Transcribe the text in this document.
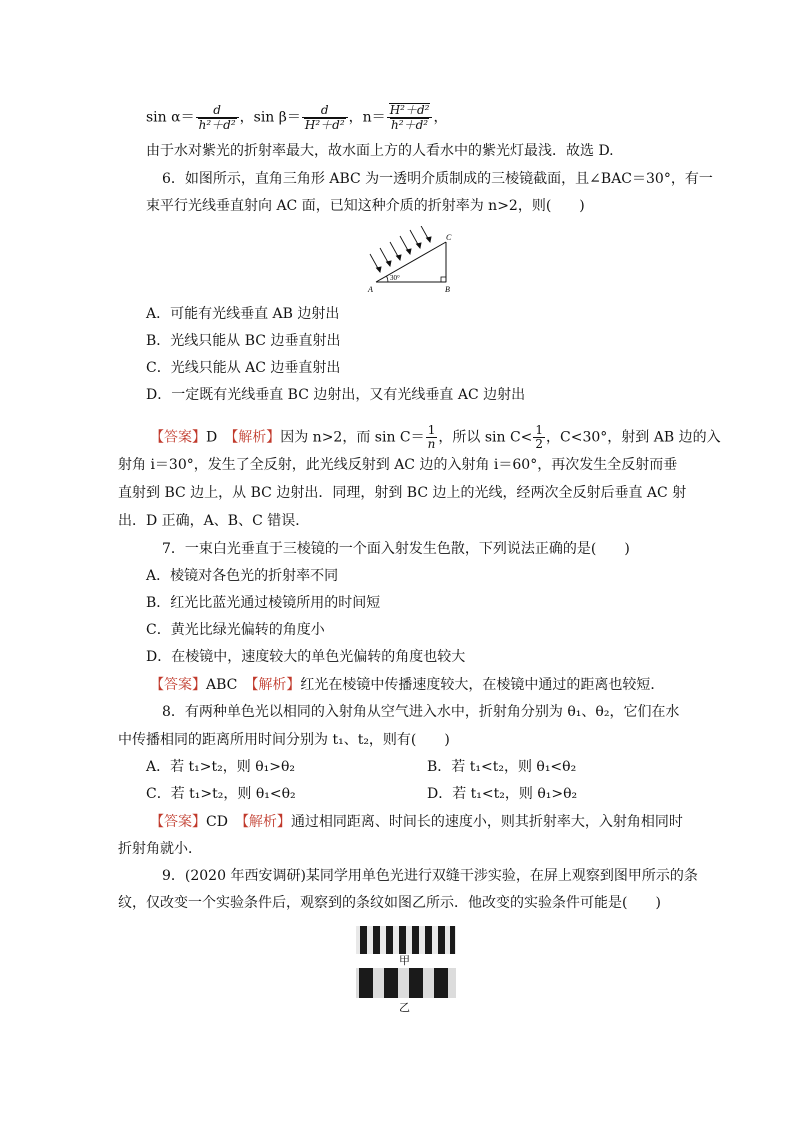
$\sin \alpha= \frac{d}{\text{h²＋d²}}$ ，$\sin \beta= \frac{d}{\text{H²＋d²}}$ ，$n= \frac{\text{H²＋d²}}{\text{h²＋d²}}$ ，
由于水对紫光的折射率最大，故水面上方的人看水中的紫光灯最浅．故选 D.
6．如图所示，直角三角形 ABC 为一透明介质制成的三棱镜截面，且∠BAC＝30°，有一
束平行光线垂直射向 AC 面，已知这种介质的折射率为 n>2，则(　　)
A	B
C
30°
A．可能有光线垂直 AB 边射出
B．光线只能从 BC 边垂直射出
C．光线只能从 AC 边垂直射出
D．一定既有光线垂直 BC 边射出，又有光线垂直 AC 边射出
【答案】D　 【解析】因为 n>2，而 $\sin C= \frac{1}{n}$ ，所以 $\sin C< \frac{1}{2}$ ，C<30°，射到 AB 边的入
射角 i＝30°，发生了全反射，此光线反射到 AC 边的入射角 i＝60°，再次发生全反射而垂
直射到 BC 边上，从 BC 边射出．同理，射到 BC 边上的光线，经两次全反射后垂直 AC 射
出．D 正确，A、B、C 错误．
7．一束白光垂直于三棱镜的一个面入射发生色散，下列说法正确的是(　　)
A．棱镜对各色光的折射率不同
B．红光比蓝光通过棱镜所用的时间短
C．黄光比绿光偏转的角度小
D．在棱镜中，速度较大的单色光偏转的角度也较大
【答案】ABC　 【解析】红光在棱镜中传播速度较大，在棱镜中通过的距离也较短．
8．有两种单色光以相同的入射角从空气进入水中，折射角分别为 θ₁、θ₂，它们在水
中传播相同的距离所用时间分别为 t₁、t₂，则有(　　)
A．若 t₁>t₂，则 θ₁>θ₂	B．若 t₁<t₂，则 θ₁<θ₂
C．若 t₁>t₂，则 θ₁<θ₂	D．若 t₁<t₂，则 θ₁>θ₂
【答案】CD　 【解析】通过相同距离、时间长的速度小，则其折射率大，入射角相同时
折射角就小．
9．(2020 年西安调研)某同学用单色光进行双缝干涉实验，在屏上观察到图甲所示的条
纹，仅改变一个实验条件后，观察到的条纹如图乙所示．他改变的实验条件可能是(　　)
甲
乙
